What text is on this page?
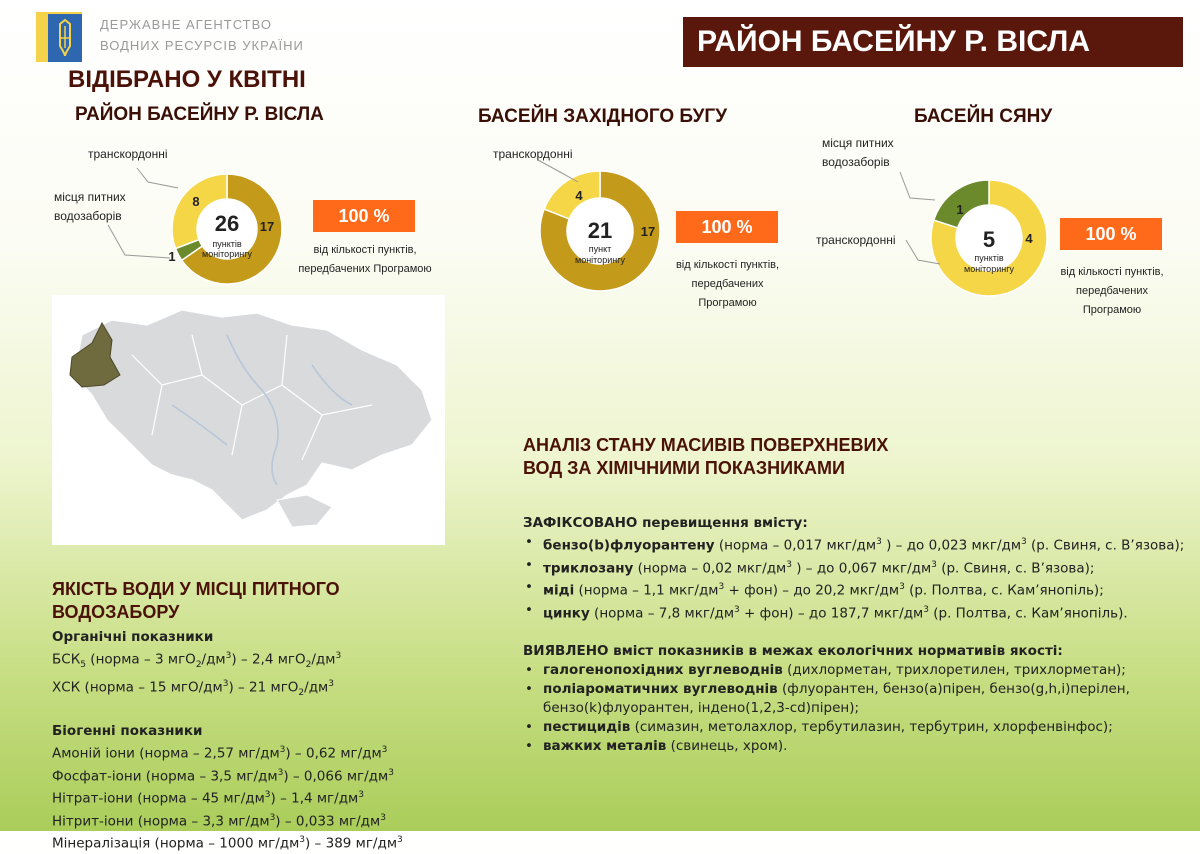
ДЕРЖАВНЕ АГЕНТСТВО
ВОДНИХ РЕСУРСІВ УКРАЇНИ	РАЙОН БАСЕЙНУ Р. ВІСЛА
ВІДІБРАНО У КВІТНІ
РАЙОН БАСЕЙНУ Р. ВІСЛА	БАСЕЙН ЗАХІДНОГО БУГУ	БАСЕЙН СЯНУ
26
пунктів
моніторингу
17
1
8
транскордонні
місця питних
водозаборів	100 %
від кількості пунктів,
передбачених Програмою
21
пункт
моніторингу
17
4
транскордонні
100 %
від кількості пунктів,
передбачених
Програмою
5
пунктів
моніторингу
4
1
місця питних
водозаборів
транскордонні	100 %
від кількості пунктів,
передбачених
Програмою
ЯКІСТЬ ВОДИ У МІСЦІ ПИТНОГО
ВОДОЗАБОРУ
Органічні показники
$БСК_5$ (норма – 3 $мгО_2/дм^3) - 2,4$ $мгО_2/дм^3$
ХСК (норма – 15 мгО/$дм^3) - 21$ $мгО_2/дм^3$
Біогенні показники
Амоній іони (норма – 2,57 $мг/дм^3) - 0,62$ $мг/дм^3$
Фосфат-іони (норма – 3,5 $мг/дм^3) - 0,066$ $мг/дм^3$
Нітрат-іони (норма – 45 $мг/дм^3) - 1,4$ $мг/дм^3$
Нітрит-іони (норма – 3,3 $мг/дм^3) - 0,033$ $мг/дм^3$
Мінералізація (норма – 1000 $мг/дм^3) - 389$ $мг/дм^3$
АНАЛІЗ СТАНУ МАСИВІВ ПОВЕРХНЕВИХ
ВОД ЗА ХІМІЧНИМИ ПОКАЗНИКАМИ
ЗАФІКСОВАНО перевищення вмісту:
• бензо(b)флуорантену (норма – 0,017 мкг/$дм^3$ ) – до 0,023 мкг/$дм^3$ (р. Свиня, с. В’язова);
• триклозану (норма – 0,02 мкг/$дм^3$ ) – до 0,067 мкг/$дм^3$ (р. Свиня, с. В’язова);
• міді (норма – 1,1 мкг/$дм^3 + фон$) – до 20,2 мкг/$дм^3$ (р. Полтва, с. Кам’янопіль);
• цинку (норма – 7,8 мкг/$дм^3 + фон$) – до 187,7 мкг/$дм^3$ (р. Полтва, с. Кам’янопіль).
ВИЯВЛЕНО вміст показників в межах екологічних нормативів якості:
• галогенопохідних вуглеводнів (дихлорметан, трихлоретилен, трихлорметан);
• поліароматичних вуглеводнів (флуорантен, бензо(а)пірен, бензо(g,h,i)перілен, бензо(k)флуорантен, індено(1,2,3-cd)пірен);
• пестицидів (симазин, метолахлор, тербутилазин, тербутрин, хлорфенвінфос);
• важких металів (свинець, хром).
